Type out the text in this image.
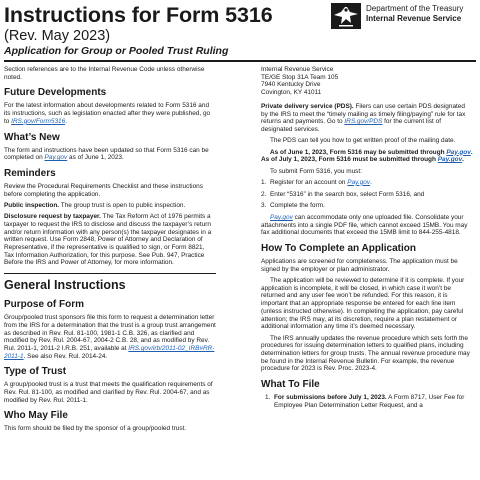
Instructions for Form 5316
(Rev. May 2023)
Application for Group or Pooled Trust Ruling
Department of the Treasury
Internal Revenue Service
Section references are to the Internal Revenue Code unless otherwise noted.
Future Developments
For the latest information about developments related to Form 5316 and its instructions, such as legislation enacted after they were published, go to IRS.gov/Form5316.
What’s New
The form and instructions have been updated so that Form 5316 can be completed on Pay.gov as of June 1, 2023.
Reminders
Review the Procedural Requirements Checklist and these instructions before completing the application.
Public inspection. The group trust is open to public inspection.
Disclosure request by taxpayer. The Tax Reform Act of 1976 permits a taxpayer to request the IRS to disclose and discuss the taxpayer’s return and/or return information with any person(s) the taxpayer designates in a written request. Use Form 2848, Power of Attorney and Declaration of Representative, if the representative is qualified to sign, or Form 8821, Tax Information Authorization, for this purpose. See Pub. 947, Practice Before the IRS and Power of Attorney, for more information.
General Instructions
Purpose of Form
Group/pooled trust sponsors file this form to request a determination letter from the IRS for a determination that the trust is a group trust arrangement as described in Rev. Rul. 81-100, 1981-1 C.B. 326, as clarified and modified by Rev. Rul. 2004-67, 2004-2 C.B. 28, and as modified by Rev. Rul. 2011-1, 2011-2 I.R.B. 251, available at IRS.gov/irb/2011-02_IRB#RR-2011-1. See also Rev. Rul. 2014-24.
Type of Trust
A group/pooled trust is a trust that meets the qualification requirements of Rev. Rul. 81-100, as modified and clarified by Rev. Rul. 2004-67, and as modified by Rev. Rul. 2011-1.
Who May File
This form should be filed by the sponsor of a group/pooled trust.
Internal Revenue Service
TE/GE Stop 31A Team 105
7940 Kentucky Drive
Covington, KY 41011
Private delivery service (PDS). Filers can use certain PDS designated by the IRS to meet the “timely mailing as timely filing/paying” rule for tax returns and payments. Go to IRS.gov/PDS for the current list of designated services.
The PDS can tell you how to get written proof of the mailing date.
As of June 1, 2023, Form 5316 may be submitted through Pay.gov. As of July 1, 2023, Form 5316 must be submitted through Pay.gov.
To submit Form 5316, you must:
1. Register for an account on Pay.gov.
2. Enter “5316” in the search box, select Form 5316, and
3. Complete the form.
Pay.gov can accommodate only one uploaded file. Consolidate your attachments into a single PDF file, which cannot exceed 15MB. You may fax additional documents that exceed the 15MB limit to 844-255-4818.
How To Complete an Application
Applications are screened for completeness. The application must be signed by the employer or plan administrator.
The application will be reviewed to determine if it is complete. If your application is incomplete, it will be closed, in which case it won’t be returned and any user fee won’t be refunded. For this reason, it is important that an appropriate response be entered for each line item (unless instructed otherwise). In completing the application, pay careful attention; the IRS may, at its discretion, require a plan restatement or additional information any time it’s deemed necessary.
The IRS annually updates the revenue procedure which sets forth the procedures for issuing determination letters to qualified plans, including determination letters for group trusts. The annual revenue procedure may be found in the Internal Revenue Bulletin. For example, the revenue procedure for 2023 is Rev. Proc. 2023-4.
What To File
1. For submissions before July 1, 2023. A Form 8717, User Fee for Employee Plan Determination Letter Request, and a
